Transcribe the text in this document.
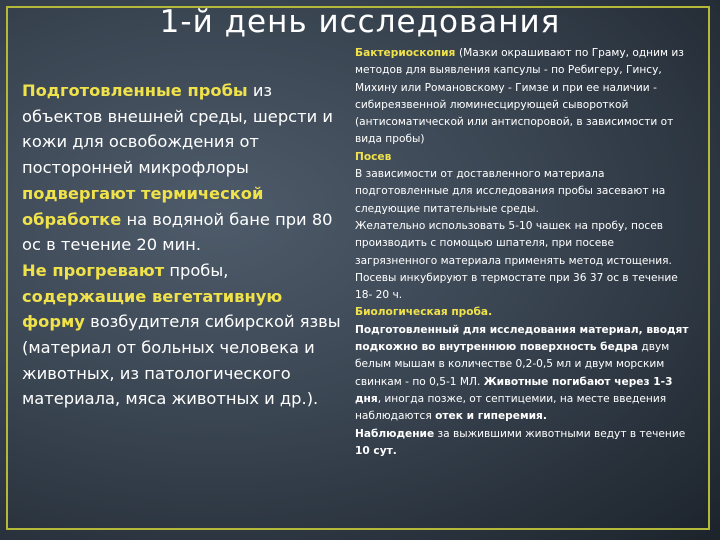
1-й день исследования
Подготовленные пробы из объектов внешней среды, шерсти и кожи для освобождения от посторонней микрофлоры подвергают термической обработке на водяной бане при 80 ос в течение 20 мин.
Не прогревают пробы, содержащие вегетативную форму возбудителя сибирской язвы (материал от больных человека и животных, из патологического материала, мяса животных и др.).
Бактериоскопия (Мазки окрашивают по Граму, одним из методов для выявления капсулы - по Ребигеру, Гинсу, Михину или Романовскому - Гимзе и при ее наличии - сибиреязвенной люминесцирующей сывороткой (антисоматической или антиспоровой, в зависимости от вида пробы)
Посев
В зависимости от доставленного материала подготовленные для исследования пробы засевают на следующие питательные среды.
Желательно использовать 5-10 чашек на пробу, посев производить с помощью шпателя, при посеве загрязненного материала применять метод истощения. Посевы инкубируют в термостате при 36 37 ос в течение 18- 20 ч.
Биологическая проба.
Подготовленный для исследования материал, вводят подкожно во внутреннюю поверхность бедра двум белым мышам в количестве 0,2-0,5 мл и двум морским свинкам - по 0,5-1 МЛ. Животные погибают через 1-3 дня, иногда позже, от септицемии, на месте введения наблюдаются отек и гиперемия.
Наблюдение за выжившими животными ведут в течение 10 сут.
